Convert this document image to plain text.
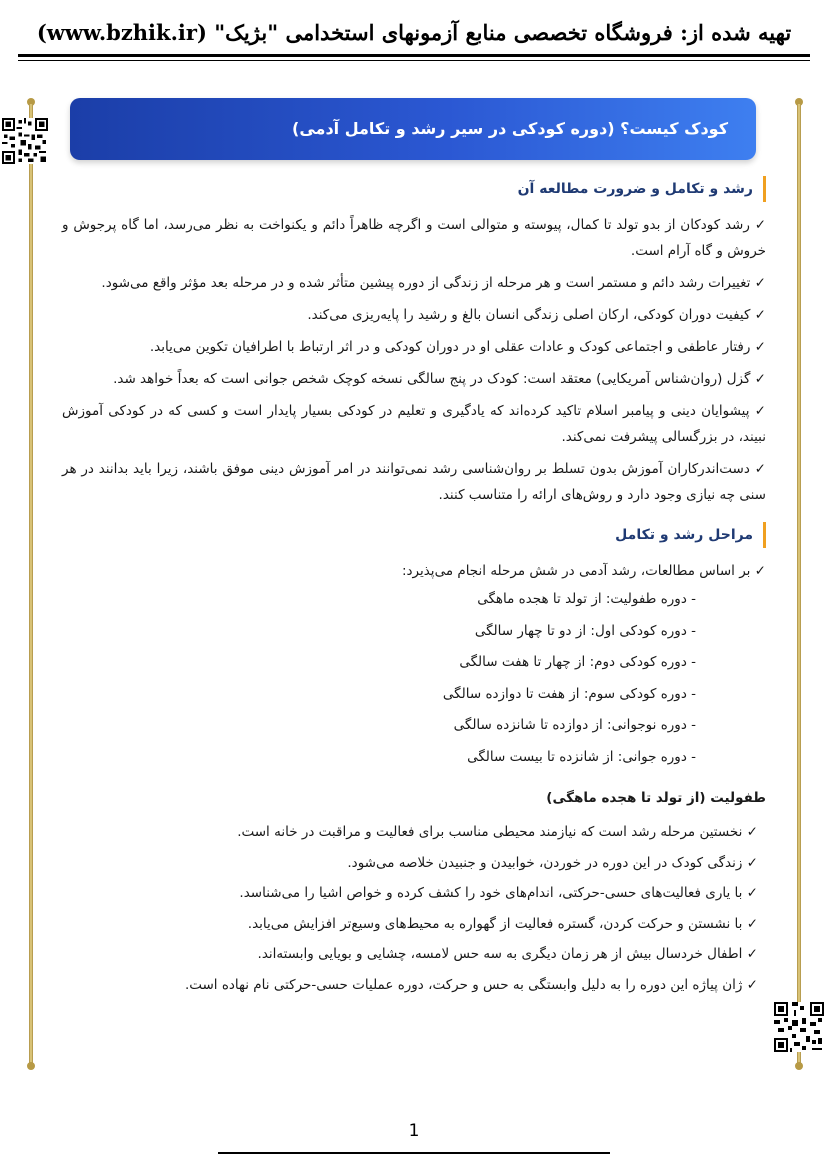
تهیه شده از: فروشگاه تخصصی منابع آزمونهای استخدامی "بژیک" (www.bzhik.ir)
کودک کیست؟ (دوره کودکی در سیر رشد و تکامل آدمی)
رشد و تکامل و ضرورت مطالعه آن

✓ رشد کودکان از بدو تولد تا کمال، پیوسته و متوالی است و اگرچه ظاهراً دائم و یکنواخت به نظر می‌رسد، اما گاه پرجوش و خروش و گاه آرام است.

✓ تغییرات رشد دائم و مستمر است و هر مرحله از زندگی از دوره پیشین متأثر شده و در مرحله بعد مؤثر واقع می‌شود.

✓ کیفیت دوران کودکی، ارکان اصلی زندگی انسان بالغ و رشید را پایه‌ریزی می‌کند.

✓ رفتار عاطفی و اجتماعی کودک و عادات عقلی او در دوران کودکی و در اثر ارتباط با اطرافیان تکوین می‌یابد.

✓ گزل (روان‌شناس آمریکایی) معتقد است: کودک در پنج سالگی نسخه کوچک شخص جوانی است که بعداً خواهد شد.

✓ پیشوایان دینی و پیامبر اسلام تاکید کرده‌اند که یادگیری و تعلیم در کودکی بسیار پایدار است و کسی که در کودکی آموزش نبیند، در بزرگسالی پیشرفت نمی‌کند.

✓ دست‌اندرکاران آموزش بدون تسلط بر روان‌شناسی رشد نمی‌توانند در امر آموزش دینی موفق باشند، زیرا باید بدانند در هر سنی چه نیازی وجود دارد و روش‌های ارائه را متناسب کنند.

مراحل رشد و تکامل

✓ بر اساس مطالعات، رشد آدمی در شش مرحله انجام می‌پذیرد:

- دوره طفولیت: از تولد تا هجده ماهگی
- دوره کودکی اول: از دو تا چهار سالگی
- دوره کودکی دوم: از چهار تا هفت سالگی
- دوره کودکی سوم: از هفت تا دوازده سالگی
- دوره نوجوانی: از دوازده تا شانزده سالگی
- دوره جوانی: از شانزده تا بیست سالگی
طفولیت (از تولد تا هجده ماهگی)

✓ نخستین مرحله رشد است که نیازمند محیطی مناسب برای فعالیت و مراقبت در خانه است.

✓ زندگی کودک در این دوره در خوردن، خوابیدن و جنبیدن خلاصه می‌شود.

✓ با یاری فعالیت‌های حسی-حرکتی، اندام‌های خود را کشف کرده و خواص اشیا را می‌شناسد.

✓ با نشستن و حرکت کردن، گستره فعالیت از گهواره به محیط‌های وسیع‌تر افزایش می‌یابد.

✓ اطفال خردسال بیش از هر زمان دیگری به سه حس لامسه، چشایی و بویایی وابسته‌اند.

✓ ژان پیاژه این دوره را به دلیل وابستگی به حس و حرکت، دوره عملیات حسی-حرکتی نام نهاده است.

1
